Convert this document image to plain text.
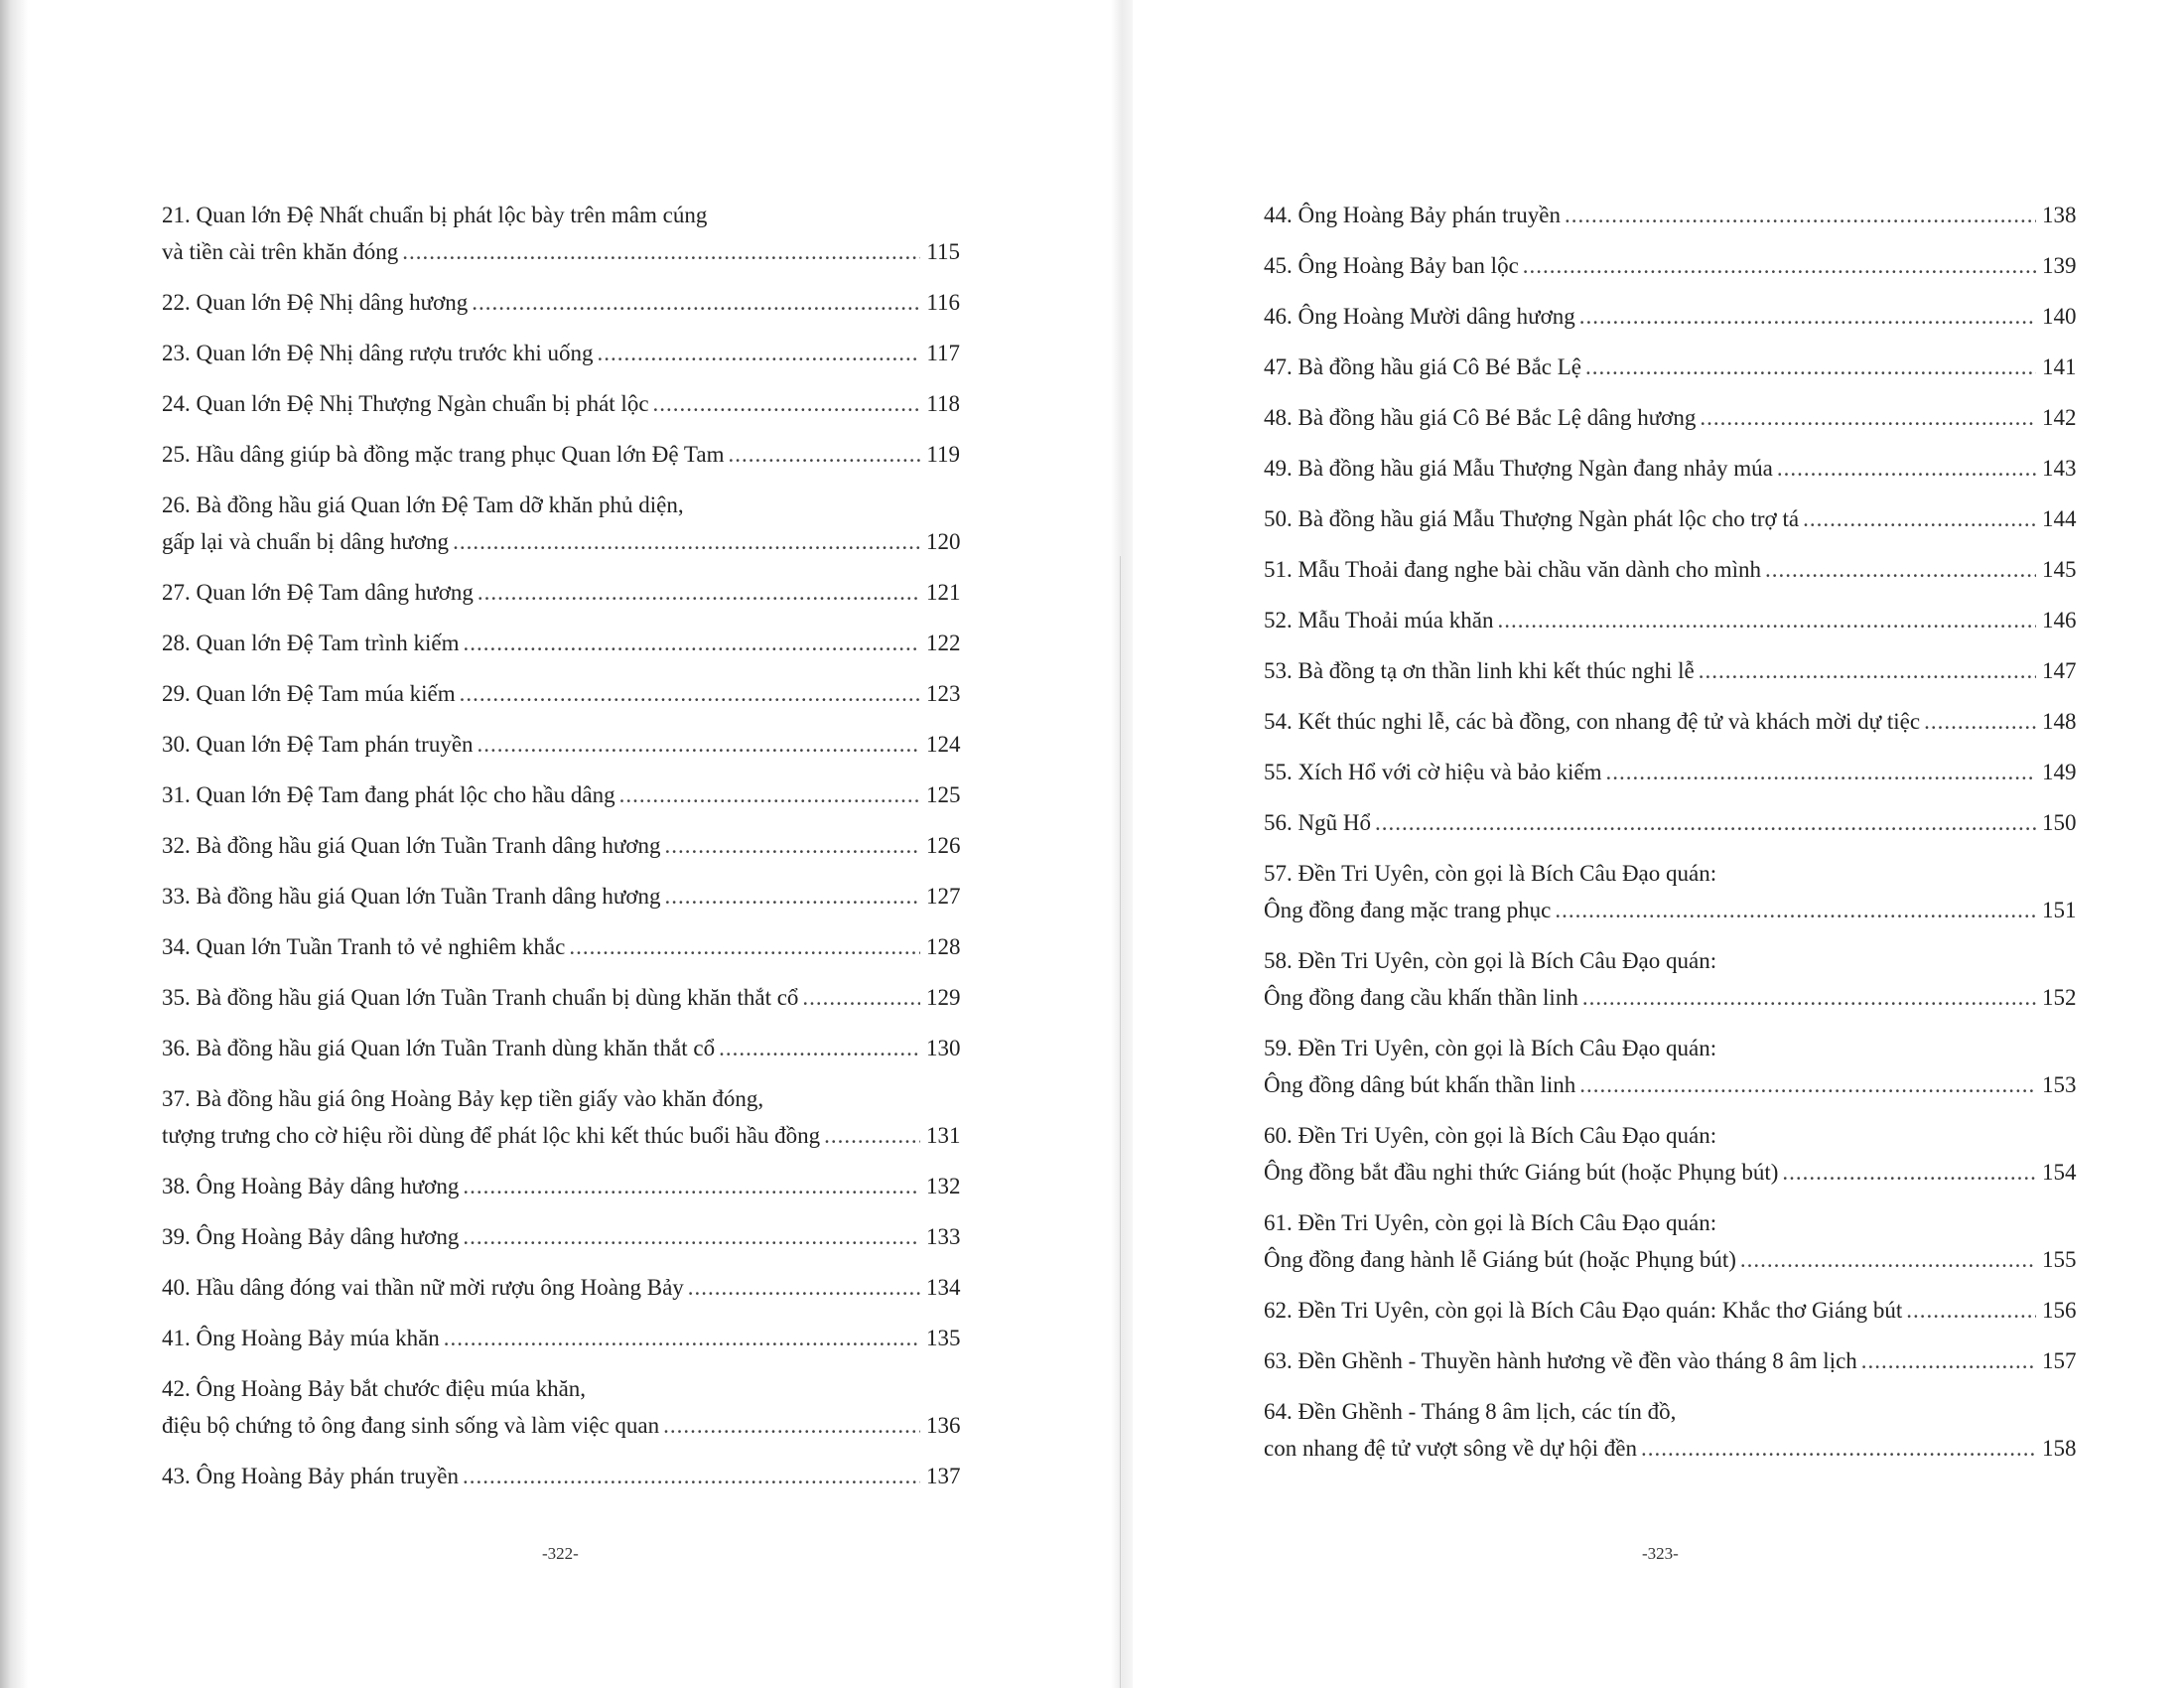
21. Quan lớn Đệ Nhất chuẩn bị phát lộc bày trên mâm cúng
và tiền cài trên khăn đóng .....	115
22. Quan lớn Đệ Nhị dâng hương .....	116
23. Quan lớn Đệ Nhị dâng rượu trước khi uống .....	117
24. Quan lớn Đệ Nhị Thượng Ngàn chuẩn bị phát lộc .....	118
25. Hầu dâng giúp bà đồng mặc trang phục Quan lớn Đệ Tam .....	119
26. Bà đồng hầu giá Quan lớn Đệ Tam dỡ khăn phủ diện,
gấp lại và chuẩn bị dâng hương .....	120
27. Quan lớn Đệ Tam dâng hương .....	121
28. Quan lớn Đệ Tam trình kiếm .....	122
29. Quan lớn Đệ Tam múa kiếm .....	123
30. Quan lớn Đệ Tam phán truyền .....	124
31. Quan lớn Đệ Tam đang phát lộc cho hầu dâng .....	125
32. Bà đồng hầu giá Quan lớn Tuần Tranh dâng hương .....	126
33. Bà đồng hầu giá Quan lớn Tuần Tranh dâng hương .....	127
34. Quan lớn Tuần Tranh tỏ vẻ nghiêm khắc .....	128
35. Bà đồng hầu giá Quan lớn Tuần Tranh chuẩn bị dùng khăn thắt cổ .....	129
36. Bà đồng hầu giá Quan lớn Tuần Tranh dùng khăn thắt cổ .....	130
37. Bà đồng hầu giá ông Hoàng Bảy kẹp tiền giấy vào khăn đóng,
tượng trưng cho cờ hiệu rồi dùng để phát lộc khi kết thúc buổi hầu đồng .....	131
38. Ông Hoàng Bảy dâng hương .....	132
39. Ông Hoàng Bảy dâng hương .....	133
40. Hầu dâng đóng vai thần nữ mời rượu ông Hoàng Bảy .....	134
41. Ông Hoàng Bảy múa khăn .....	135
42. Ông Hoàng Bảy bắt chước điệu múa khăn,
điệu bộ chứng tỏ ông đang sinh sống và làm việc quan .....	136
43. Ông Hoàng Bảy phán truyền .....	137
44. Ông Hoàng Bảy phán truyền .....	138
45. Ông Hoàng Bảy ban lộc .....	139
46. Ông Hoàng Mười dâng hương .....	140
47. Bà đồng hầu giá Cô Bé Bắc Lệ .....	141
48. Bà đồng hầu giá Cô Bé Bắc Lệ dâng hương .....	142
49. Bà đồng hầu giá Mẫu Thượng Ngàn đang nhảy múa .....	143
50. Bà đồng hầu giá Mẫu Thượng Ngàn phát lộc cho trợ tá .....	144
51. Mẫu Thoải đang nghe bài chầu văn dành cho mình .....	145
52. Mẫu Thoải múa khăn .....	146
53. Bà đồng tạ ơn thần linh khi kết thúc nghi lễ .....	147
54. Kết thúc nghi lễ, các bà đồng, con nhang đệ tử và khách mời dự tiệc .....	148
55. Xích Hổ với cờ hiệu và bảo kiếm .....	149
56. Ngũ Hổ .....	150
57. Đền Tri Uyên, còn gọi là Bích Câu Đạo quán:
Ông đồng đang mặc trang phục .....	151
58. Đền Tri Uyên, còn gọi là Bích Câu Đạo quán:
Ông đồng đang cầu khấn thần linh .....	152
59. Đền Tri Uyên, còn gọi là Bích Câu Đạo quán:
Ông đồng dâng bút khấn thần linh .....	153
60. Đền Tri Uyên, còn gọi là Bích Câu Đạo quán:
Ông đồng bắt đầu nghi thức Giáng bút (hoặc Phụng bút) .....	154
61. Đền Tri Uyên, còn gọi là Bích Câu Đạo quán:
Ông đồng đang hành lễ Giáng bút (hoặc Phụng bút) .....	155
62. Đền Tri Uyên, còn gọi là Bích Câu Đạo quán: Khắc thơ Giáng bút .....	156
63. Đền Ghềnh - Thuyền hành hương về đền vào tháng 8 âm lịch .....	157
64. Đền Ghềnh - Tháng 8 âm lịch, các tín đồ,
con nhang đệ tử vượt sông về dự hội đền .....	158
-322-	-323-
